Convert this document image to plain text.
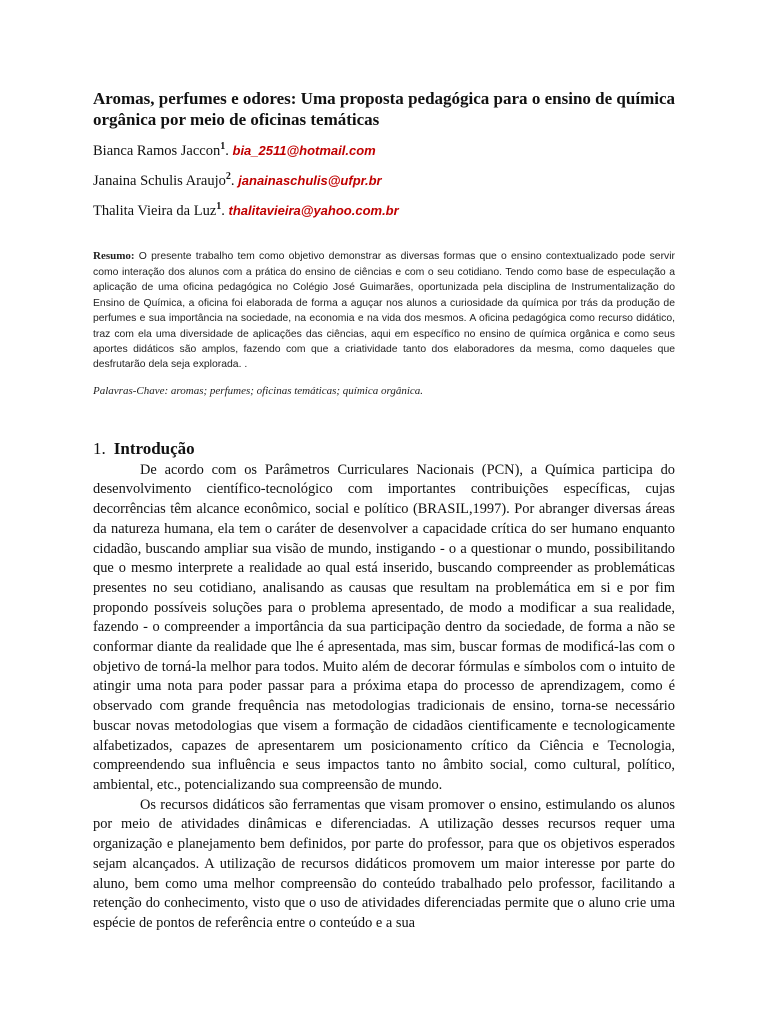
Aromas, perfumes e odores: Uma proposta pedagógica para o ensino de química orgânica por meio de oficinas temáticas
Bianca Ramos Jaccon$^1$. bia_2511@hotmail.com
Janaina Schulis Araujo$^2$. janainaschulis@ufpr.br
Thalita Vieira da Luz$^1$. thalitavieira@yahoo.com.br
Resumo: O presente trabalho tem como objetivo demonstrar as diversas formas que o ensino contextualizado pode servir como interação dos alunos com a prática do ensino de ciências e com o seu cotidiano. Tendo como base de especulação a aplicação de uma oficina pedagógica no Colégio José Guimarães, oportunizada pela disciplina de Instrumentalização do Ensino de Química, a oficina foi elaborada de forma a aguçar nos alunos a curiosidade da química por trás da produção de perfumes e sua importância na sociedade, na economia e na vida dos mesmos. A oficina pedagógica como recurso didático, traz com ela uma diversidade de aplicações das ciências, aqui em específico no ensino de química orgânica e como seus aportes didáticos são amplos, fazendo com que a criatividade tanto dos elaboradores da mesma, como daqueles que desfrutarão dela seja explorada. .
Palavras-Chave: aromas; perfumes; oficinas temáticas; química orgânica.
1. Introdução

De acordo com os Parâmetros Curriculares Nacionais (PCN), a Química participa do desenvolvimento científico-tecnológico com importantes contribuições específicas, cujas decorrências têm alcance econômico, social e político (BRASIL,1997). Por abranger diversas áreas da natureza humana, ela tem o caráter de desenvolver a capacidade crítica do ser humano enquanto cidadão, buscando ampliar sua visão de mundo, instigando - o a questionar o mundo, possibilitando que o mesmo interprete a realidade ao qual está inserido, buscando compreender as problemáticas presentes no seu cotidiano, analisando as causas que resultam na problemática em si e por fim propondo possíveis soluções para o problema apresentado, de modo a modificar a sua realidade, fazendo - o compreender a importância da sua participação dentro da sociedade, de forma a não se conformar diante da realidade que lhe é apresentada, mas sim, buscar formas de modificá-las com o objetivo de torná-la melhor para todos. Muito além de decorar fórmulas e símbolos com o intuito de atingir uma nota para poder passar para a próxima etapa do processo de aprendizagem, como é observado com grande frequência nas metodologias tradicionais de ensino, torna-se necessário buscar novas metodologias que visem a formação de cidadãos cientificamente e tecnologicamente alfabetizados, capazes de apresentarem um posicionamento crítico da Ciência e Tecnologia, compreendendo sua influência e seus impactos tanto no âmbito social, como cultural, político, ambiental, etc., potencializando sua compreensão de mundo.

Os recursos didáticos são ferramentas que visam promover o ensino, estimulando os alunos por meio de atividades dinâmicas e diferenciadas. A utilização desses recursos requer uma organização e planejamento bem definidos, por parte do professor, para que os objetivos esperados sejam alcançados. A utilização de recursos didáticos promovem um maior interesse por parte do aluno, bem como uma melhor compreensão do conteúdo trabalhado pelo professor, facilitando a retenção do conhecimento, visto que o uso de atividades diferenciadas permite que o aluno crie uma espécie de pontos de referência entre o conteúdo e a sua
